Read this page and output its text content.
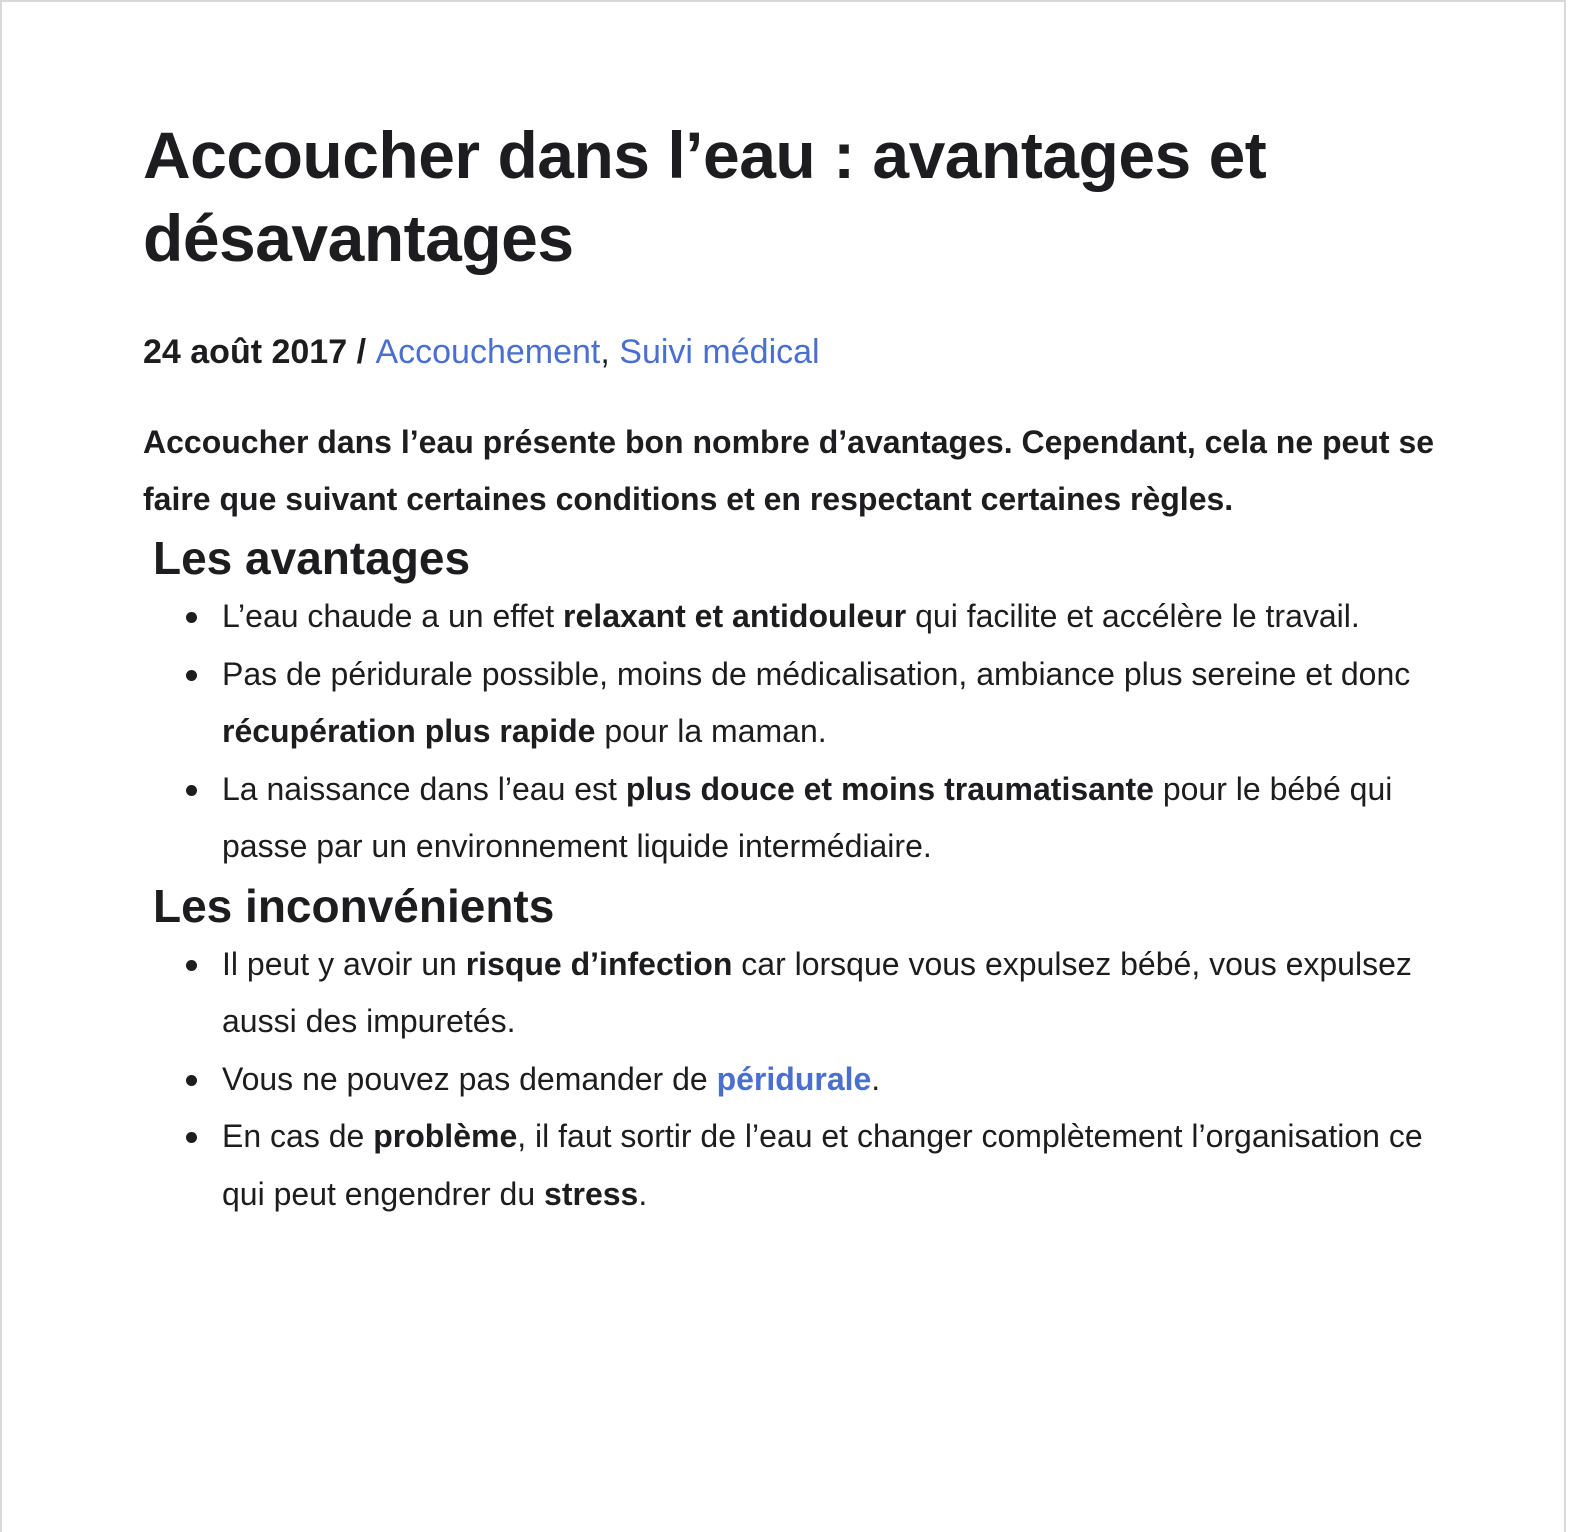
Accoucher dans l’eau : avantages et désavantages
24 août 2017 / Accouchement, Suivi médical

Accoucher dans l’eau présente bon nombre d’avantages. Cependant, cela ne peut se faire que suivant certaines conditions et en respectant certaines règles.

Les avantages
L’eau chaude a un effet relaxant et antidouleur qui facilite et accélère le travail.
Pas de péridurale possible, moins de médicalisation, ambiance plus sereine et donc récupération plus rapide pour la maman.
La naissance dans l’eau est plus douce et moins traumatisante pour le bébé qui passe par un environnement liquide intermédiaire.
Les inconvénients
Il peut y avoir un risque d’infection car lorsque vous expulsez bébé, vous expulsez aussi des impuretés.
Vous ne pouvez pas demander de péridurale.
En cas de problème, il faut sortir de l’eau et changer complètement l’organisation ce qui peut engendrer du stress.
